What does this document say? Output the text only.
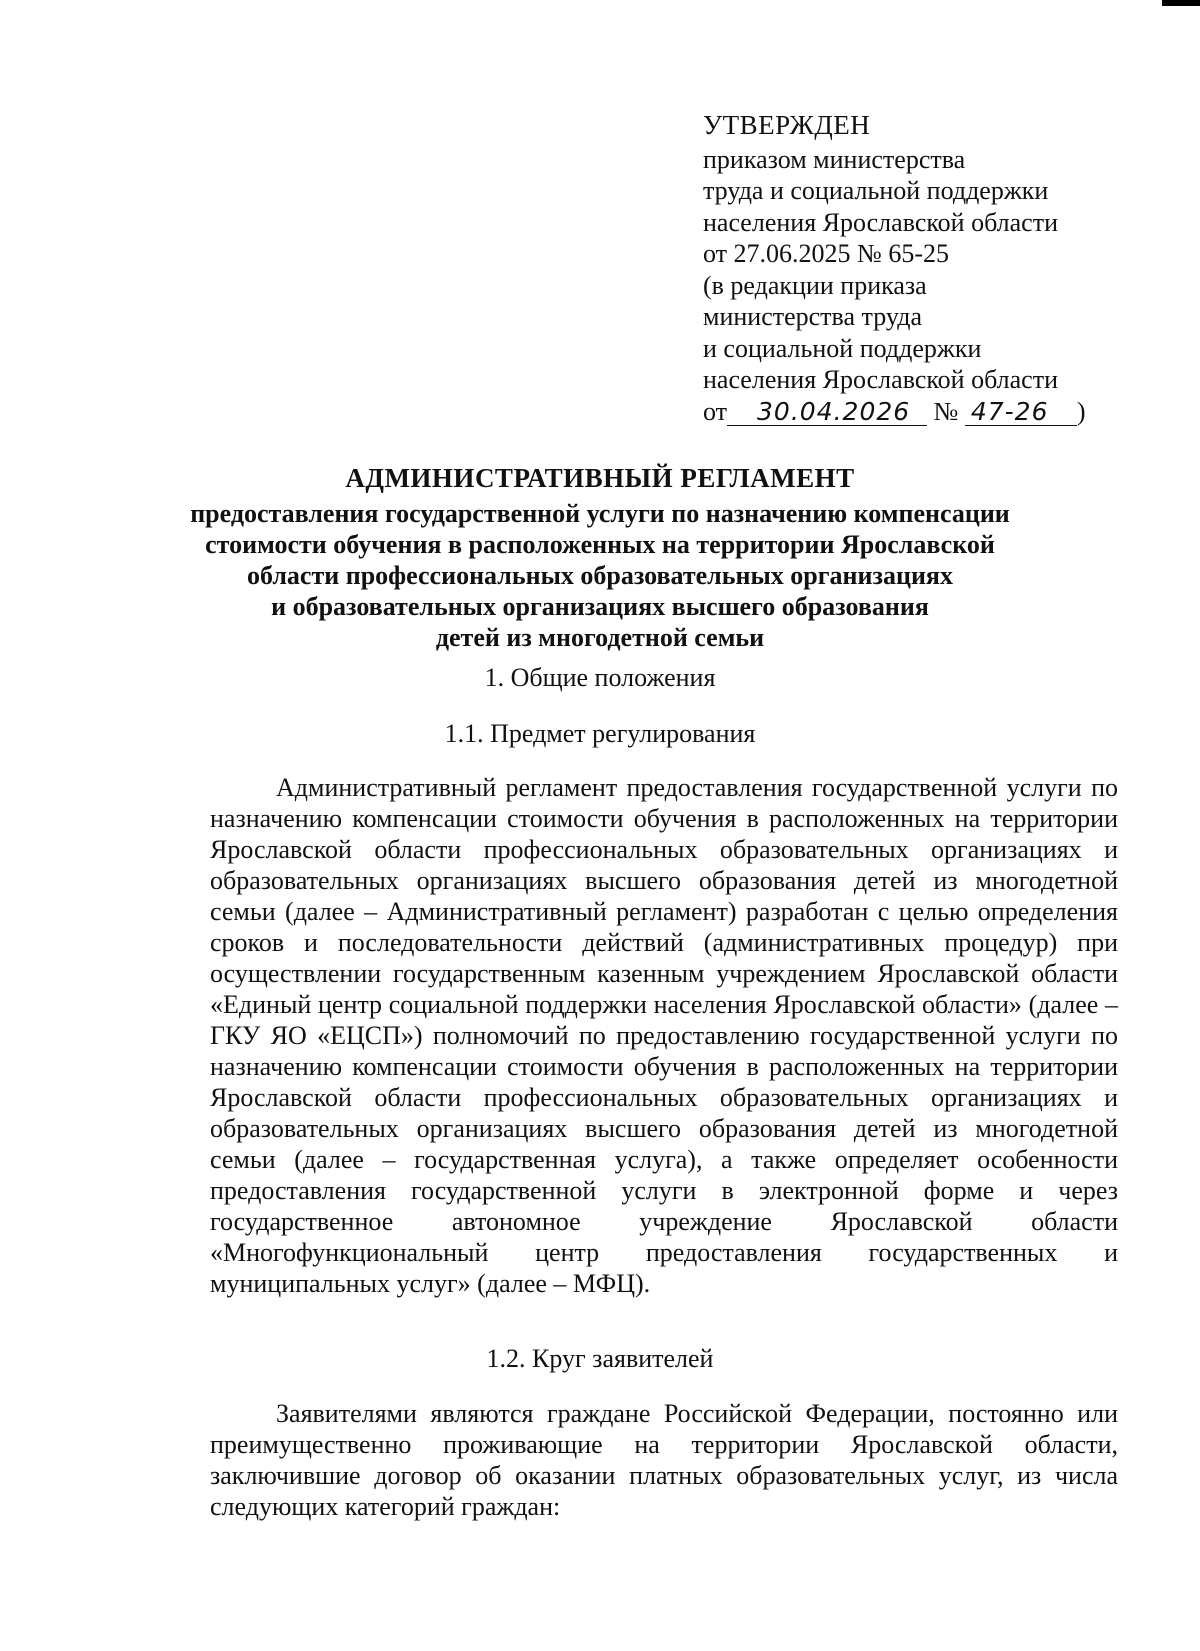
УТВЕРЖДЕН
приказом министерства
труда и социальной поддержки
населения Ярославской области
от 27.06.2025 № 65-25
(в редакции приказа
министерства труда
и социальной поддержки
населения Ярославской области
от 30.04.2026 № 47-26 )
АДМИНИСТРАТИВНЫЙ РЕГЛАМЕНТ
предоставления государственной услуги по назначению компенсации
стоимости обучения в расположенных на территории Ярославской
области профессиональных образовательных организациях
и образовательных организациях высшего образования
детей из многодетной семьи
1. Общие положения
1.1. Предмет регулирования
Административный регламент предоставления государственной услуги по назначению компенсации стоимости обучения в расположенных на территории Ярославской области профессиональных образовательных организациях и образовательных организациях высшего образования детей из многодетной семьи (далее – Административный регламент) разработан с целью определения сроков и последовательности действий (административных процедур) при осуществлении государственным казенным учреждением Ярославской области «Единый центр социальной поддержки населения Ярославской области» (далее – ГКУ ЯО «ЕЦСП») полномочий по предоставлению государственной услуги по назначению компенсации стоимости обучения в расположенных на территории Ярославской области профессиональных образовательных организациях и образовательных организациях высшего образования детей из многодетной семьи (далее – государственная услуга), а также определяет особенности предоставления государственной услуги в электронной форме и через государственное автономное учреждение Ярославской области «Многофункциональный центр предоставления государственных и муниципальных услуг» (далее – МФЦ).
1.2. Круг заявителей
Заявителями являются граждане Российской Федерации, постоянно или преимущественно проживающие на территории Ярославской области, заключившие договор об оказании платных образовательных услуг, из числа следующих категорий граждан:
